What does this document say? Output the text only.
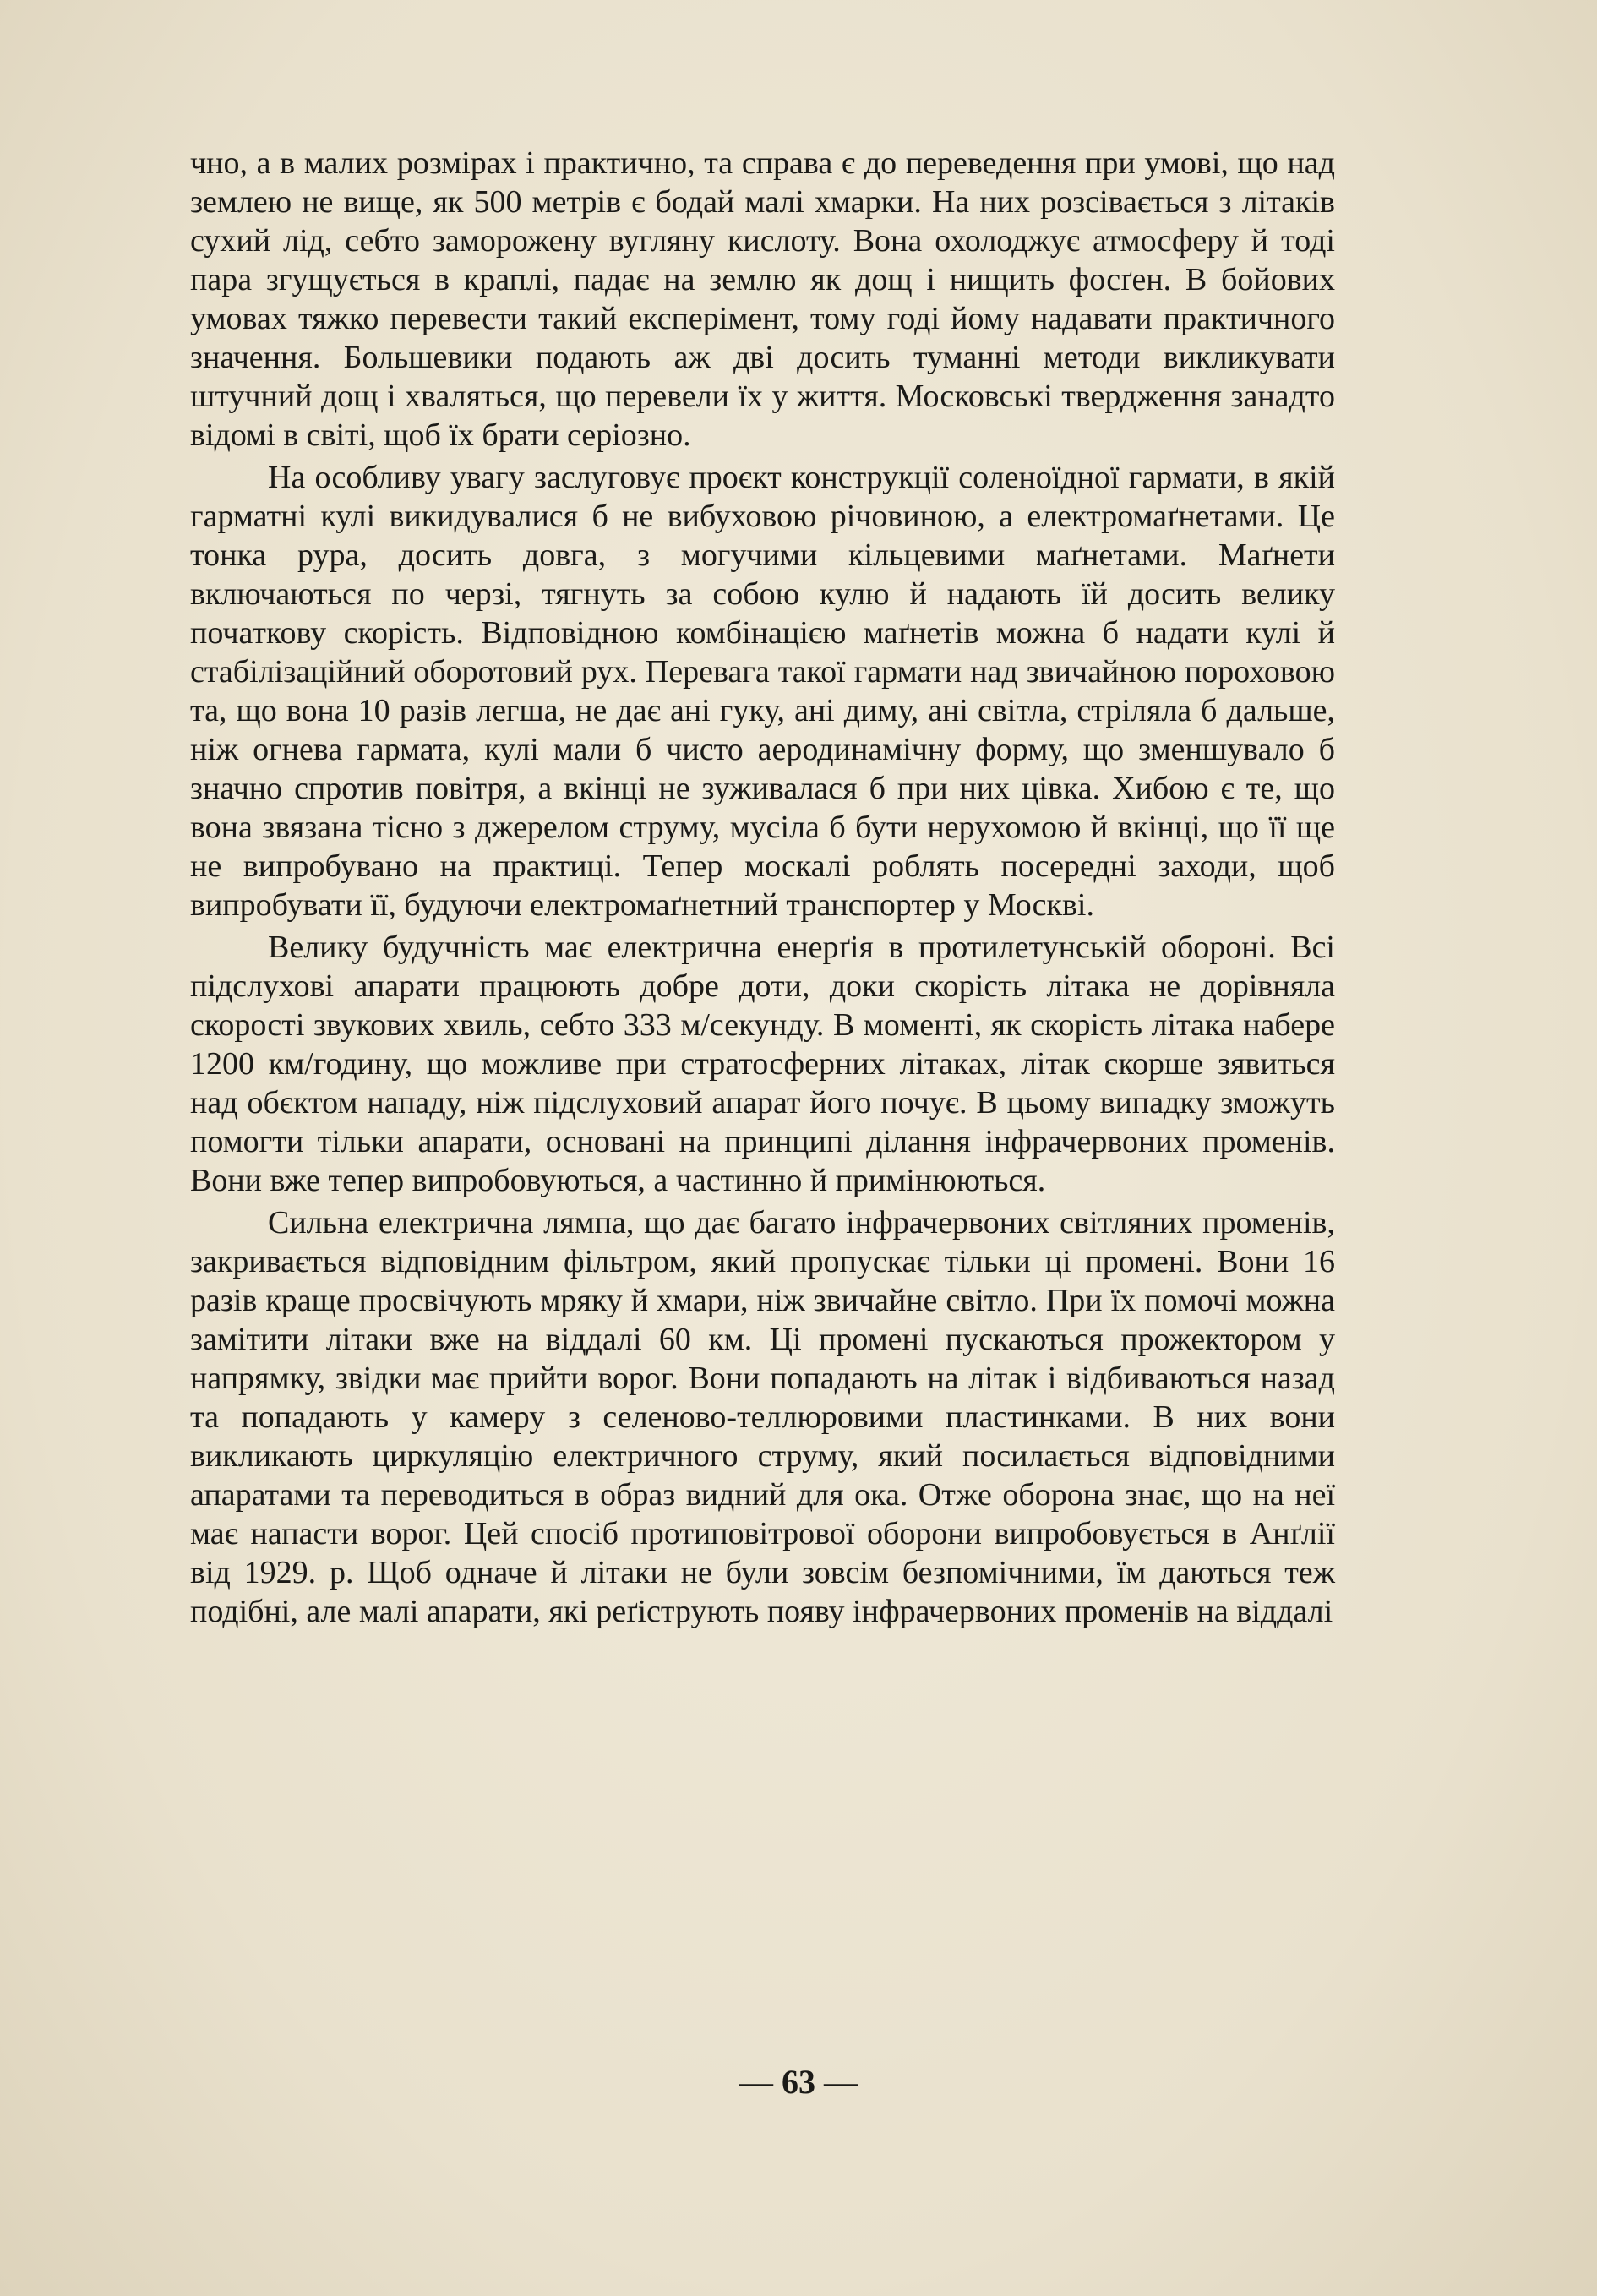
чно, а в малих розмірах і практично, та справа є до переведення при умові, що над землею не вище, як 500 метрів є бодай малі хмарки. На них розсівається з літаків сухий лід, себто заморожену вугляну кислоту. Вона охолоджує атмосферу й тоді пара згущується в краплі, падає на землю як дощ і нищить фосґен. В бойових умовах тяжко перевести такий експерімент, тому годі йому надавати практичного значення. Большевики подають аж дві досить туманні методи викликувати штучний дощ і хваляться, що перевели їх у життя. Московські твердження занадто відомі в світі, щоб їх брати серіозно.

На особливу увагу заслуговує проєкт конструкції соленоїдної гармати, в якій гарматні кулі викидувалися б не вибуховою річовиною, а електромаґнетами. Це тонка рура, досить довга, з могучими кільцевими маґнетами. Маґнети включаються по черзі, тягнуть за собою кулю й надають їй досить велику початкову скорість. Відповідною комбінацією маґнетів можна б надати кулі й стабілізаційний оборотовий рух. Перевага такої гармати над звичайною пороховою та, що вона 10 разів легша, не дає ані гуку, ані диму, ані світла, стріляла б дальше, ніж огнева гармата, кулі мали б чисто аеродинамічну форму, що зменшувало б значно спротив повітря, а вкінці не зуживалася б при них цівка. Хибою є те, що вона звязана тісно з джерелом струму, мусіла б бути нерухомою й вкінці, що її ще не випробувано на практиці. Тепер москалі роблять посередні заходи, щоб випробувати її, будуючи електромаґнетний транспортер у Москві.

Велику будучність має електрична енерґія в протилетунській обороні. Всі підслухові апарати працюють добре доти, доки скорість літака не дорівняла скорості звукових хвиль, себто 333 м/секунду. В моменті, як скорість літака набере 1200 км/годину, що можливе при стратосферних літаках, літак скорше зявиться над обєктом нападу, ніж підслуховий апарат його почує. В цьому випадку зможуть помогти тільки апарати, основані на принципі ділання інфрачервоних променів. Вони вже тепер випробовуються, а частинно й примінюються.

Сильна електрична лямпа, що дає багато інфрачервоних світляних променів, закривається відповідним фільтром, який пропускає тільки ці промені. Вони 16 разів краще просвічують мряку й хмари, ніж звичайне світло. При їх помочі можна замітити літаки вже на віддалі 60 км. Ці промені пускаються прожектором у напрямку, звідки має прийти ворог. Вони попадають на літак і відбиваються назад та попадають у камеру з селеново-теллюровими пластинками. В них вони викликають циркуляцію електричного струму, який посилається відповідними апаратами та переводиться в образ видний для ока. Отже оборона знає, що на неї має напасти ворог. Цей спосіб протиповітрової оборони випробовується в Анґлії від 1929. р. Щоб одначе й літаки не були зовсім безпомічними, їм даються теж подібні, але малі апарати, які реґіструють появу інфрачервоних променів на віддалі

— 63 —
